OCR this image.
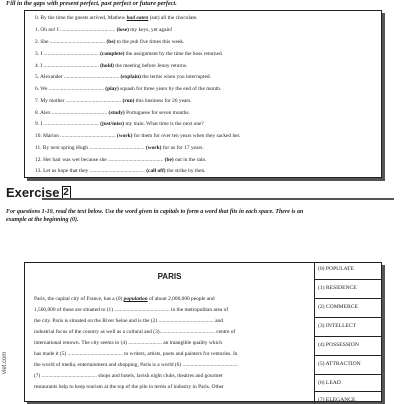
Fill in the gaps with present perfect, past perfect or future perfect.
0. By the time the guests arrived, Mathew had eaten (eat) all the chocolate.
1. Oh no! I ......................................... (lose) my keys, yet again!
2. She ......................................... (be) to the pub five times this week.
3. I ......................................... (complete) the assignment by the time the boss returned.
4. I ......................................... (hold) the meeting before Jenny returns.
5. Alexander ......................................... (explain) the terms when you interrupted.
6. We ......................................... (play) squash for three years by the end of the month.
7. My mother ......................................... (run) this business for 26 years.
8. Alex ......................................... (study) Portuguese for seven months.
9. I ......................................... (just/miss) my train. What time is the next one?
10. Marion ......................................... (work) for them for over ten years when they sacked her.
11. By next spring Hugh ......................................... (work) for us for 17 years.
12. Her hair was wet because she ......................................... (be) out in the rain.
13. Let us hope that they ......................................... (call off) the strike by then.
Exercise 2
For questions 1-10, read the text below. Use the word given in capitals to form a word that fits in each space. There is an
example at the beginning (0).
PARIS
Paris, the capital city of France, has a (0) population of about 2,000,000 people and
1,500,000 of these are situated to (1) ......................................... in the metropolitan area of
the city. Paris is situated on the River Seine and is the (2) ......................................... and
industrial focus of the country as well as a cultural and (3)......................................... centre of
international renown. The city seems to (4) ......................... an intangible quality which
has made it (5) ......................................... to writers, artists, poets and painters for centuries. In
the world of media, entertainment and shopping, Paris is a world (6) .........................................
(7) ......................................... shops and hotels, lavish night clubs, theatres and gourmet
restaurants help to keep tourism at the top of the pile in terms of industry in Paris. Other
(0) POPULATE
(1) RESIDENCE
(2) COMMERCE
(3) INTELLECT
(4) POSSESSION
(5) ATTRACTION
(6) LEAD
(7) ELEGANCE
viet.com
